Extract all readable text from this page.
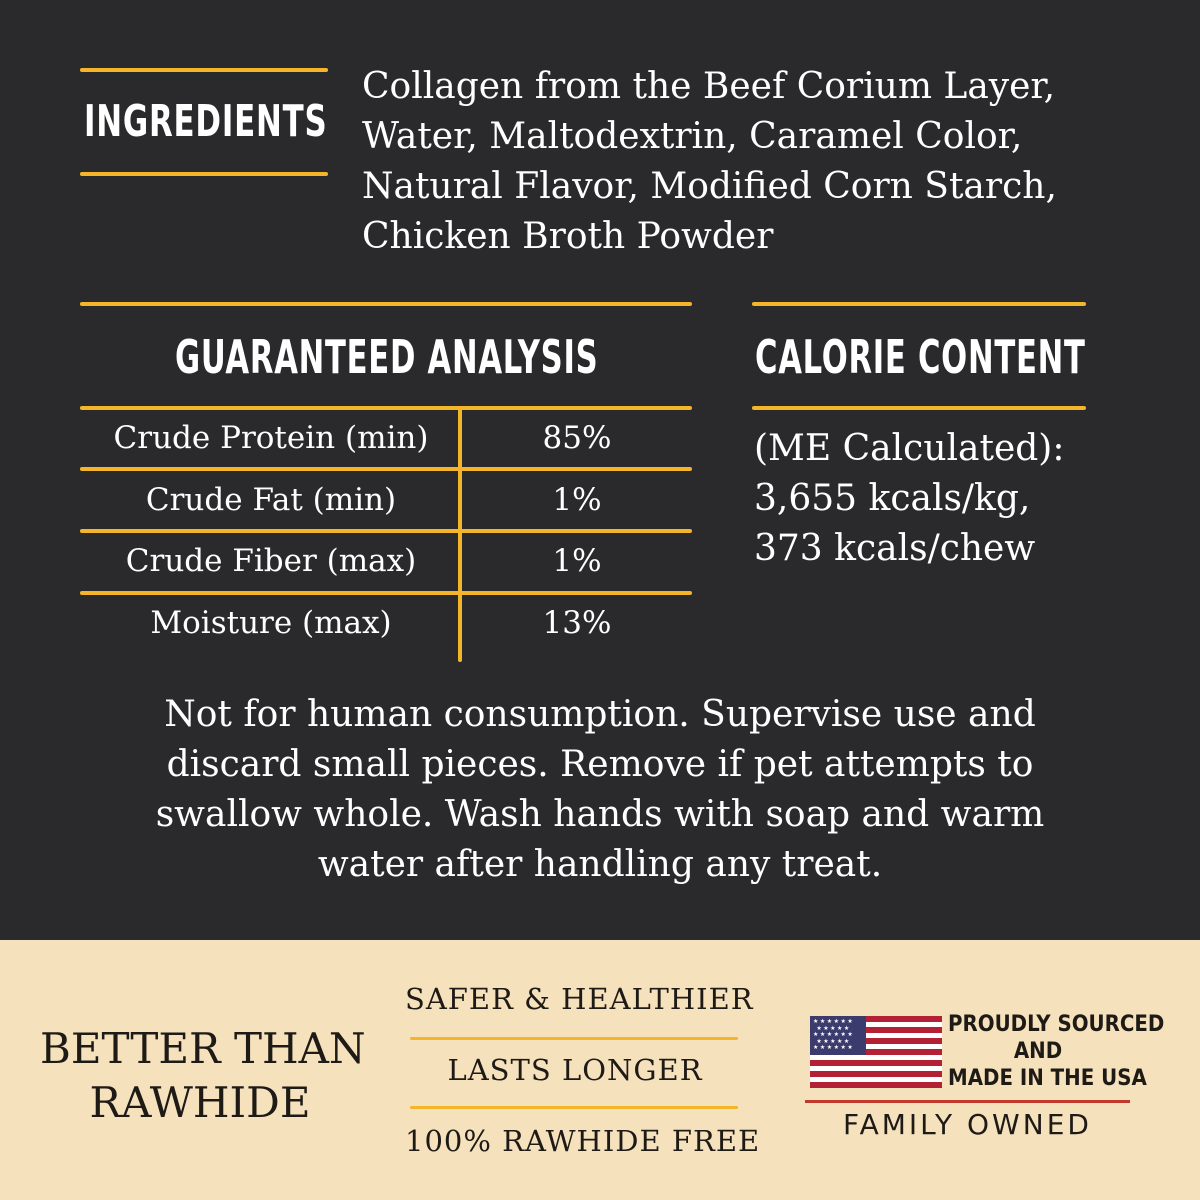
INGREDIENTS
Collagen from the Beef Corium Layer,
Water, Maltodextrin, Caramel Color,
Natural Flavor, Modified Corn Starch,
Chicken Broth Powder
GUARANTEED ANALYSIS
Crude Protein (min)	85%
Crude Fat (min)	1%
Crude Fiber (max)	1%
Moisture (max)	13%
CALORIE CONTENT
(ME Calculated):
3,655 kcals/kg,
373 kcals/chew
Not for human consumption. Supervise use and
discard small pieces. Remove if pet attempts to
swallow whole. Wash hands with soap and warm
water after handling any treat.
BETTER THAN
RAWHIDE
SAFER & HEALTHIER
LASTS LONGER
100% RAWHIDE FREE
★★★★★★
★★★★★
★★★★★★
★★★★★
★★★★★★
PROUDLY SOURCED
AND
MADE IN THE USA
FAMILY OWNED
